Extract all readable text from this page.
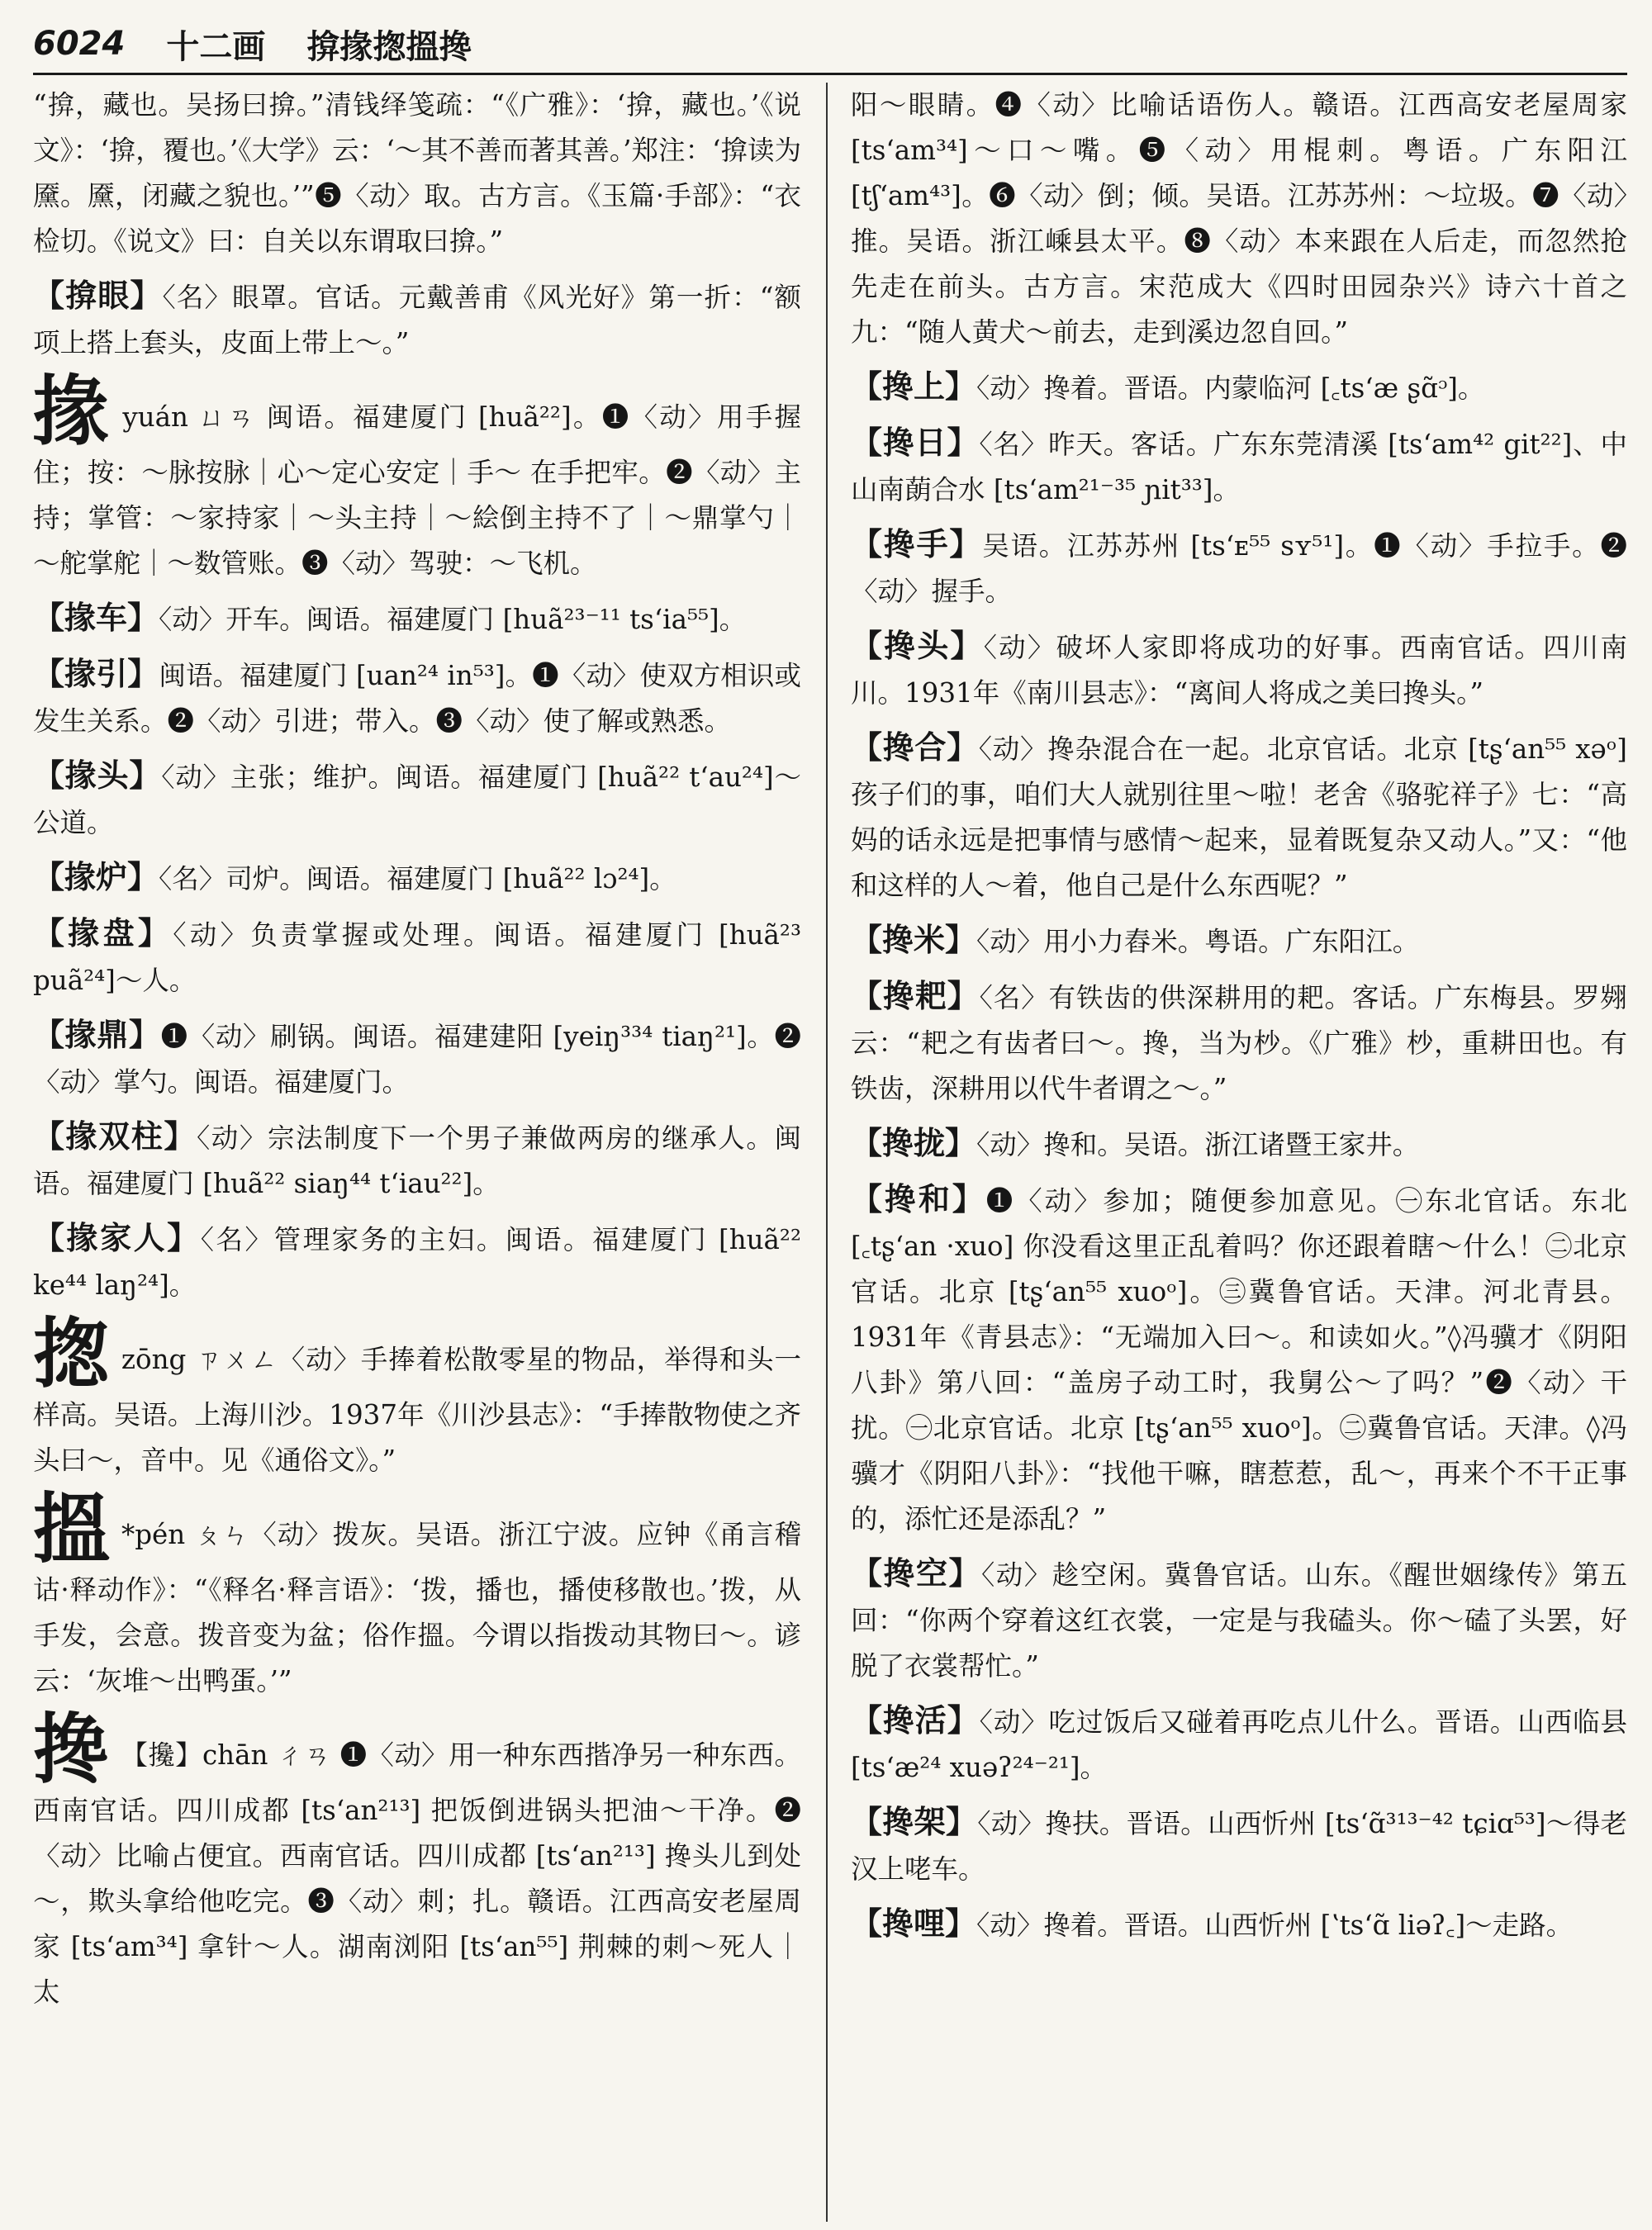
6024 十二画 揜掾揔搵搀

“揜，藏也。吴扬曰揜。”清钱绎笺疏：“《广雅》：‘揜，藏也。’《说文》：‘揜，覆也。’《大学》云：‘～其不善而著其善。’郑注：‘揜读为黡。黡，闭藏之貌也。’”❺〈动〉取。古方言。《玉篇·手部》：“衣检切。《说文》曰：自关以东谓取曰揜。”

【揜眼】〈名〉眼罩。官话。元戴善甫《风光好》第一折：“额项上搭上套头，皮面上带上～。”

掾yuán ㄩㄢ 闽语。福建厦门 [huã²²]。❶〈动〉用手握住；按：～脉按脉｜心～定心安定｜手～ 在手把牢。❷〈动〉主持；掌管：～家持家｜～头主持｜～絵倒主持不了｜～鼎掌勺｜～舵掌舵｜～数管账。❸〈动〉驾驶：～飞机。

【掾车】〈动〉开车。闽语。福建厦门 [huã²³⁻¹¹ tsʻia⁵⁵]。

【掾引】闽语。福建厦门 [uan²⁴ in⁵³]。❶〈动〉使双方相识或发生关系。❷〈动〉引进；带入。❸〈动〉使了解或熟悉。

【掾头】〈动〉主张；维护。闽语。福建厦门 [huã²² tʻau²⁴]～公道。

【掾炉】〈名〉司炉。闽语。福建厦门 [huã²² lɔ²⁴]。

【掾盘】〈动〉负责掌握或处理。闽语。福建厦门 [huã²³ puã²⁴]～人。

【掾鼎】❶〈动〉刷锅。闽语。福建建阳 [yeiŋ³³⁴ tiaŋ²¹]。❷〈动〉掌勺。闽语。福建厦门。

【掾双柱】〈动〉宗法制度下一个男子兼做两房的继承人。闽语。福建厦门 [huã²² siaŋ⁴⁴ tʻiau²²]。

【掾家人】〈名〉管理家务的主妇。闽语。福建厦门 [huã²² ke⁴⁴ laŋ²⁴]。

揔zōng ㄗㄨㄥ〈动〉手捧着松散零星的物品，举得和头一样高。吴语。上海川沙。1937年《川沙县志》：“手捧散物使之齐头曰～，音中。见《通俗文》。”

搵 *pén ㄆㄣ〈动〉拨灰。吴语。浙江宁波。应钟《甬言稽诂·释动作》：“《释名·释言语》：‘拨，播也，播使移散也。’拨，从手发，会意。拨音变为盆；俗作搵。今谓以指拨动其物曰～。谚云：‘灰堆～出鸭蛋。’”

搀 【攙】chān ㄔㄢ ❶〈动〉用一种东西揩净另一种东西。西南官话。四川成都 [tsʻan²¹³] 把饭倒进锅头把油～干净。❷〈动〉比喻占便宜。西南官话。四川成都 [tsʻan²¹³] 搀头儿到处～，欺头拿给他吃完。❸〈动〉刺；扎。赣语。江西高安老屋周家 [tsʻam³⁴] 拿针～人。湖南浏阳 [tsʻan⁵⁵] 荆棘的刺～死人｜太

阳～眼睛。❹〈动〉比喻话语伤人。赣语。江西高安老屋周家 [tsʻam³⁴]～口～嘴。❺〈动〉用棍刺。粤语。广东阳江 [tʃʻam⁴³]。❻〈动〉倒；倾。吴语。江苏苏州：～垃圾。❼〈动〉推。吴语。浙江嵊县太平。❽〈动〉本来跟在人后走，而忽然抢先走在前头。古方言。宋范成大《四时田园杂兴》诗六十首之九：“随人黄犬～前去，走到溪边忽自回。”

【搀上】〈动〉搀着。晋语。内蒙临河 [꜀tsʻæ ʂɑ̃ᵓ]。

【搀日】〈名〉昨天。客话。广东东莞清溪 [tsʻam⁴² git²²]、中山南蓢合水 [tsʻam²¹⁻³⁵ ɲit³³]。

【搀手】吴语。江苏苏州 [tsʻᴇ⁵⁵ sʏ⁵¹]。❶〈动〉手拉手。❷〈动〉握手。

【搀头】〈动〉破坏人家即将成功的好事。西南官话。四川南川。1931年《南川县志》：“离间人将成之美曰搀头。”

【搀合】〈动〉搀杂混合在一起。北京官话。北京 [tʂʻan⁵⁵ xəᵒ] 孩子们的事，咱们大人就别往里～啦！老舍《骆驼祥子》七：“高妈的话永远是把事情与感情～起来，显着既复杂又动人。”又：“他和这样的人～着，他自己是什么东西呢？”

【搀米】〈动〉用小力舂米。粤语。广东阳江。

【搀耙】〈名〉有铁齿的供深耕用的耙。客话。广东梅县。罗翙云：“耙之有齿者曰～。搀，当为杪。《广雅》杪，重耕田也。有铁齿，深耕用以代牛者谓之～。”

【搀拢】〈动〉搀和。吴语。浙江诸暨王家井。

【搀和】❶〈动〉参加；随便参加意见。㊀东北官话。东北 [꜀tʂʻan ·xuo] 你没看这里正乱着吗？你还跟着瞎～什么！㊁北京官话。北京 [tʂʻan⁵⁵ xuoᵒ]。㊂冀鲁官话。天津。河北青县。1931年《青县志》：“无端加入曰～。和读如火。”◊冯骥才《阴阳八卦》第八回：“盖房子动工时，我舅公～了吗？”❷〈动〉干扰。㊀北京官话。北京 [tʂʻan⁵⁵ xuoᵒ]。㊁冀鲁官话。天津。◊冯骥才《阴阳八卦》：“找他干嘛，瞎惹惹，乱～，再来个不干正事的，添忙还是添乱？”

【搀空】〈动〉趁空闲。冀鲁官话。山东。《醒世姻缘传》第五回：“你两个穿着这红衣裳，一定是与我磕头。你～磕了头罢，好脱了衣裳帮忙。”

【搀活】〈动〉吃过饭后又碰着再吃点儿什么。晋语。山西临县 [tsʻæ²⁴ xuəʔ²⁴⁻²¹]。

【搀架】〈动〉搀扶。晋语。山西忻州 [tsʻɑ̃³¹³⁻⁴² tɕiɑ⁵³]～得老汉上咾车。

【搀哩】〈动〉搀着。晋语。山西忻州 [ʽtsʻɑ̃ liəʔ꜀]～走路。
